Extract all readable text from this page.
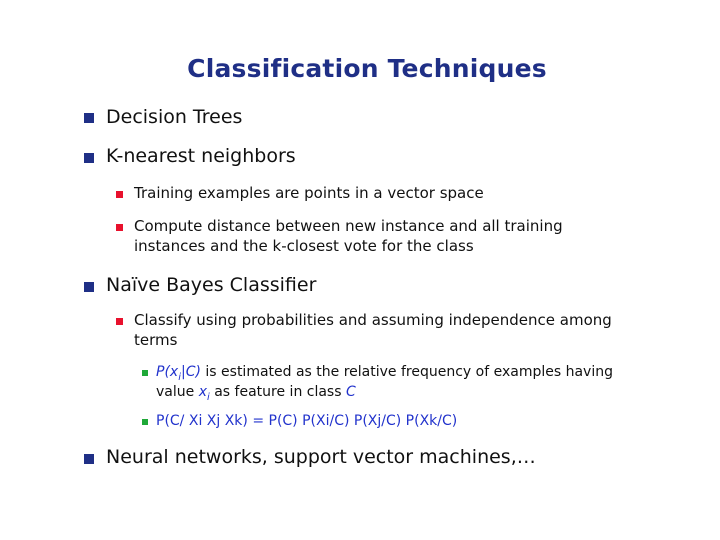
Classification Techniques
Decision Trees
K-nearest neighbors
Training examples are points in a vector space
Compute distance between new instance and all training
instances and the k-closest vote for the class
Naïve Bayes Classifier
Classify using probabilities and assuming independence among
terms
$P(x_i|C)$ is estimated as the relative frequency of examples having
value $x_i$ as feature in class C
P(C/ Xi Xj Xk) = P(C) P(Xi/C) P(Xj/C) P(Xk/C)
Neural networks, support vector machines,…
